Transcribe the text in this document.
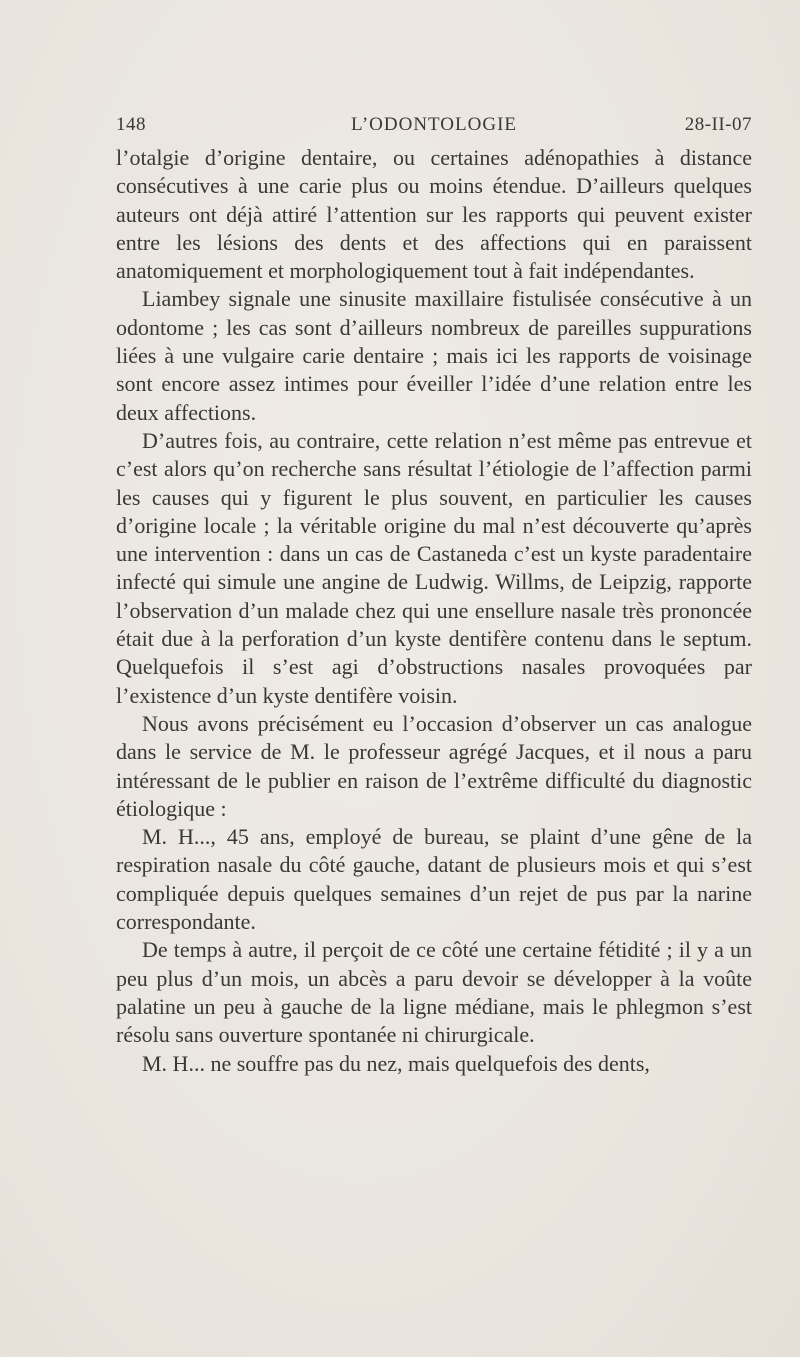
148	L’ODONTOLOGIE	28-II-07

l’otalgie d’origine dentaire, ou certaines adénopathies à distance consécutives à une carie plus ou moins étendue. D’ailleurs quelques auteurs ont déjà attiré l’attention sur les rapports qui peuvent exister entre les lésions des dents et des affections qui en paraissent anatomiquement et morphologiquement tout à fait indépendantes.

Liambey signale une sinusite maxillaire fistulisée consécutive à un odontome ; les cas sont d’ailleurs nombreux de pareilles suppurations liées à une vulgaire carie dentaire ; mais ici les rapports de voisinage sont encore assez intimes pour éveiller l’idée d’une relation entre les deux affections.

D’autres fois, au contraire, cette relation n’est même pas entrevue et c’est alors qu’on recherche sans résultat l’étiologie de l’affection parmi les causes qui y figurent le plus souvent, en particulier les causes d’origine locale ; la véritable origine du mal n’est découverte qu’après une intervention : dans un cas de Castaneda c’est un kyste paradentaire infecté qui simule une angine de Ludwig. Willms, de Leipzig, rapporte l’observation d’un malade chez qui une ensellure nasale très prononcée était due à la perforation d’un kyste dentifère contenu dans le septum. Quelquefois il s’est agi d’obstructions nasales provoquées par l’existence d’un kyste dentifère voisin.

Nous avons précisément eu l’occasion d’observer un cas analogue dans le service de M. le professeur agrégé Jacques, et il nous a paru intéressant de le publier en raison de l’extrême difficulté du diagnostic étiologique :

M. H..., 45 ans, employé de bureau, se plaint d’une gêne de la respiration nasale du côté gauche, datant de plusieurs mois et qui s’est compliquée depuis quelques semaines d’un rejet de pus par la narine correspondante.

De temps à autre, il perçoit de ce côté une certaine fétidité ; il y a un peu plus d’un mois, un abcès a paru devoir se développer à la voûte palatine un peu à gauche de la ligne médiane, mais le phlegmon s’est résolu sans ouverture spontanée ni chirurgicale.

M. H... ne souffre pas du nez, mais quelquefois des dents,
